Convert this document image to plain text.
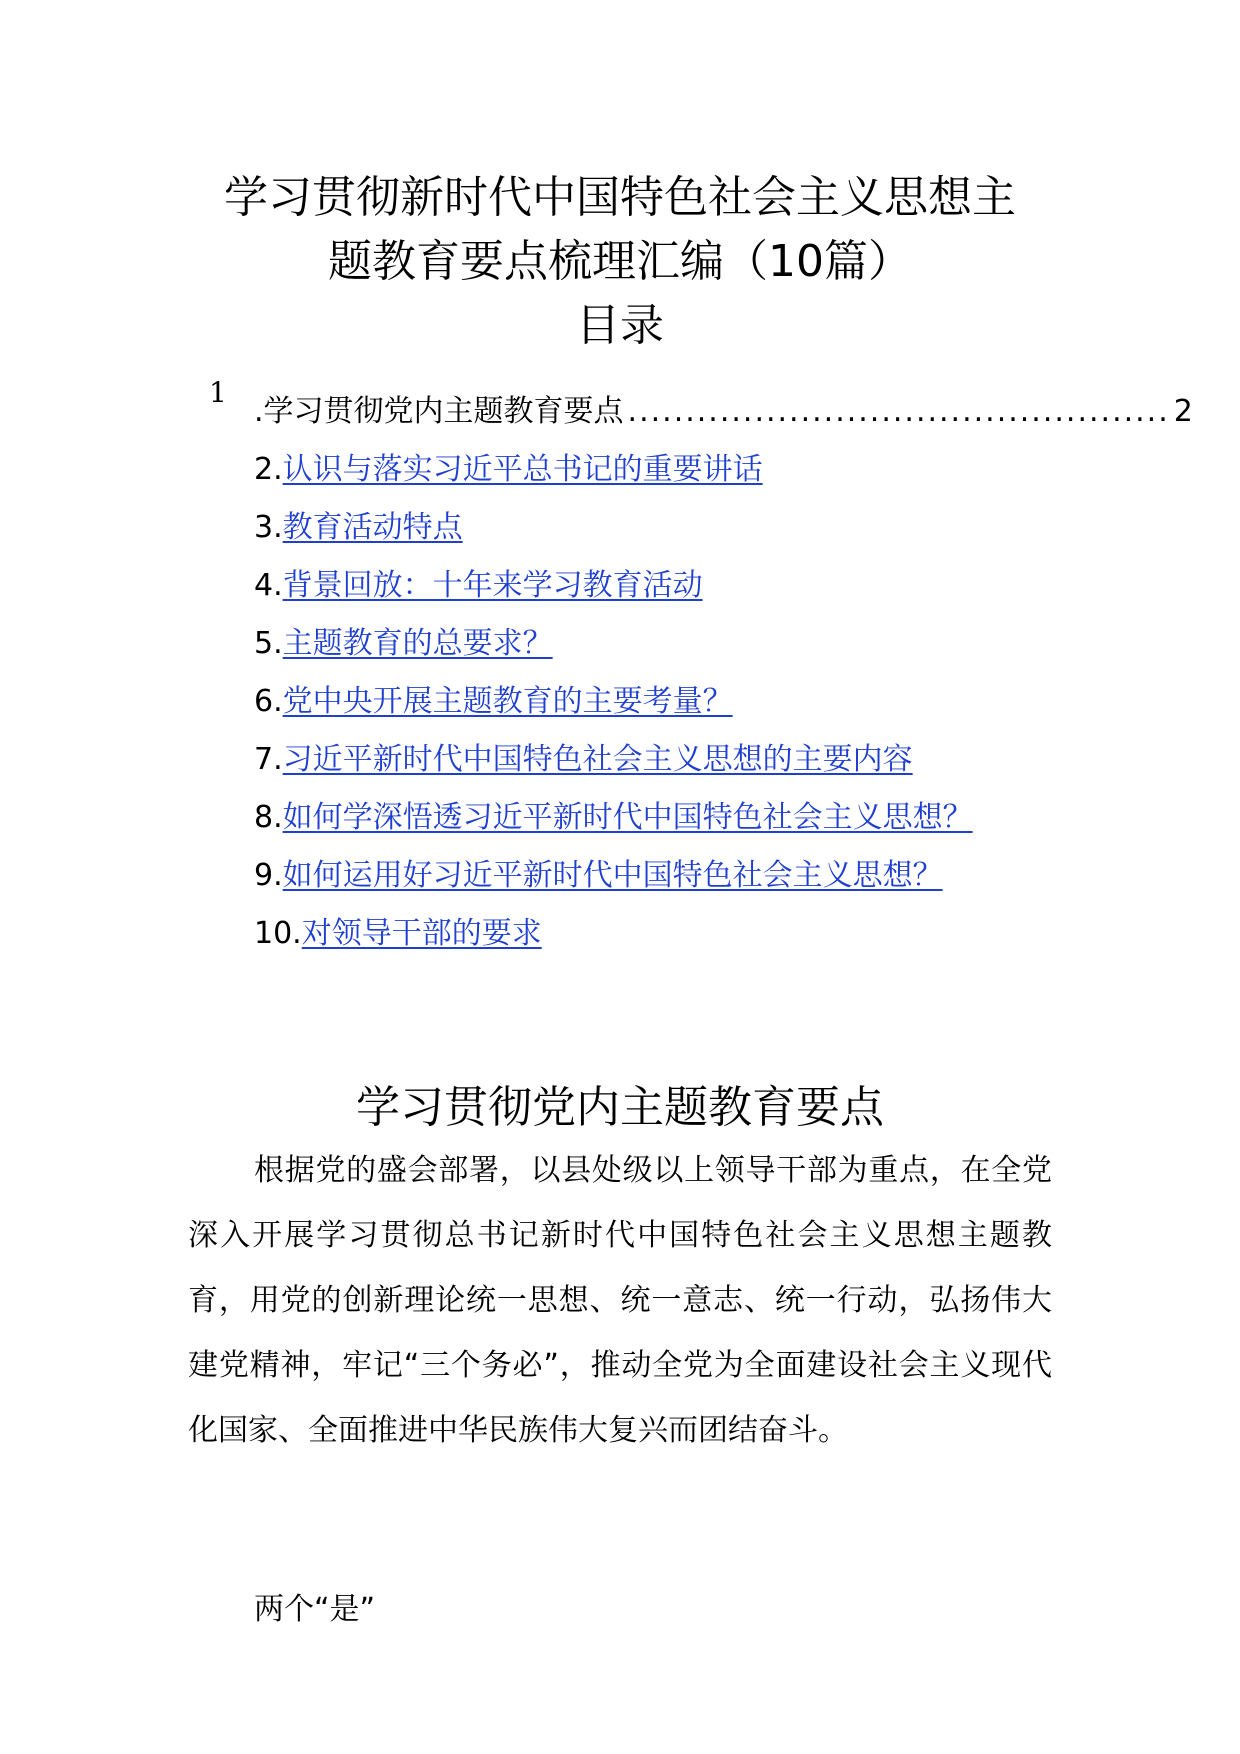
学习贯彻新时代中国特色社会主义思想主
题教育要点梳理汇编（10篇）
目录
1
.学习贯彻党内主题教育要点 ............................................... 2
2.认识与落实习近平总书记的重要讲话
3.教育活动特点
4.背景回放：十年来学习教育活动
5.主题教育的总要求？
6.党中央开展主题教育的主要考量？
7.习近平新时代中国特色社会主义思想的主要内容
8.如何学深悟透习近平新时代中国特色社会主义思想？
9.如何运用好习近平新时代中国特色社会主义思想？
10.对领导干部的要求
学习贯彻党内主题教育要点

根据党的盛会部署，以县处级以上领导干部为重点，在全党深入开展学习贯彻总书记新时代中国特色社会主义思想主题教育，用党的创新理论统一思想、统一意志、统一行动，弘扬伟大建党精神，牢记“三个务必”，推动全党为全面建设社会主义现代化国家、全面推进中华民族伟大复兴而团结奋斗。

两个“是”
